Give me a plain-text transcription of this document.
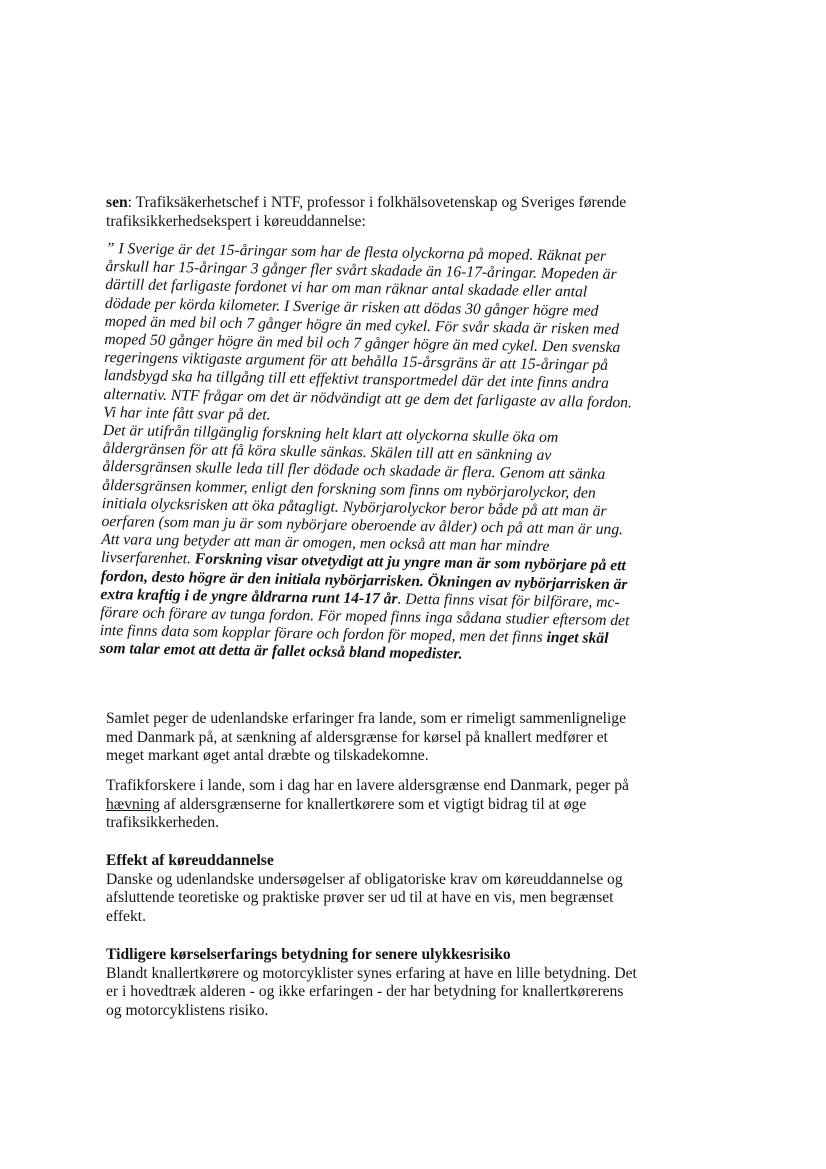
sen: Trafiksäkerhetschef i NTF, professor i folkhälsovetenskap og Sveriges førende trafiksikkerhedsekspert i køreuddannelse:

” I Sverige är det 15-åringar som har de flesta olyckorna på moped. Räknat per årskull har 15-åringar 3 gånger fler svårt skadade än 16-17-åringar. Mopeden är därtill det farligaste fordonet vi har om man räknar antal skadade eller antal dödade per körda kilometer. I Sverige är risken att dödas 30 gånger högre med moped än med bil och 7 gånger högre än med cykel. För svår skada är risken med moped 50 gånger högre än med bil och 7 gånger högre än med cykel. Den svenska regeringens viktigaste argument för att behålla 15-årsgräns är att 15-åringar på landsbygd ska ha tillgång till ett effektivt transportmedel där det inte finns andra alternativ. NTF frågar om det är nödvändigt att ge dem det farligaste av alla fordon. Vi har inte fått svar på det.

Det är utifrån tillgänglig forskning helt klart att olyckorna skulle öka om åldergränsen för att få köra skulle sänkas. Skälen till att en sänkning av åldersgränsen skulle leda till fler dödade och skadade är flera. Genom att sänka åldersgränsen kommer, enligt den forskning som finns om nybörjarolyckor, den initiala olycksrisken att öka påtagligt. Nybörjarolyckor beror både på att man är oerfaren (som man ju är som nybörjare oberoende av ålder) och på att man är ung. Att vara ung betyder att man är omogen, men också att man har mindre livserfarenhet. Forskning visar otvetydigt att ju yngre man är som nybörjare på ett fordon, desto högre är den initiala nybörjarrisken. Ökningen av nybörjarrisken är extra kraftig i de yngre åldrarna runt 14-17 år. Detta finns visat för bilförare, mc-förare och förare av tunga fordon. För moped finns inga sådana studier eftersom det inte finns data som kopplar förare och fordon för moped, men det finns inget skäl som talar emot att detta är fallet också bland mopedister.

Samlet peger de udenlandske erfaringer fra lande, som er rimeligt sammenlignelige med Danmark på, at sænkning af aldersgrænse for kørsel på knallert medfører et meget markant øget antal dræbte og tilskadekomne.

Trafikforskere i lande, som i dag har en lavere aldersgrænse end Danmark, peger på hævning af aldersgrænserne for knallertkørere som et vigtigt bidrag til at øge trafiksikkerheden.

Effekt af køreuddannelse

Danske og udenlandske undersøgelser af obligatoriske krav om køreuddannelse og afsluttende teoretiske og praktiske prøver ser ud til at have en vis, men begrænset effekt.

Tidligere kørselserfarings betydning for senere ulykkesrisiko

Blandt knallertkørere og motorcyklister synes erfaring at have en lille betydning. Det er i hovedtræk alderen - og ikke erfaringen - der har betydning for knallertkørerens og motorcyklistens risiko.
